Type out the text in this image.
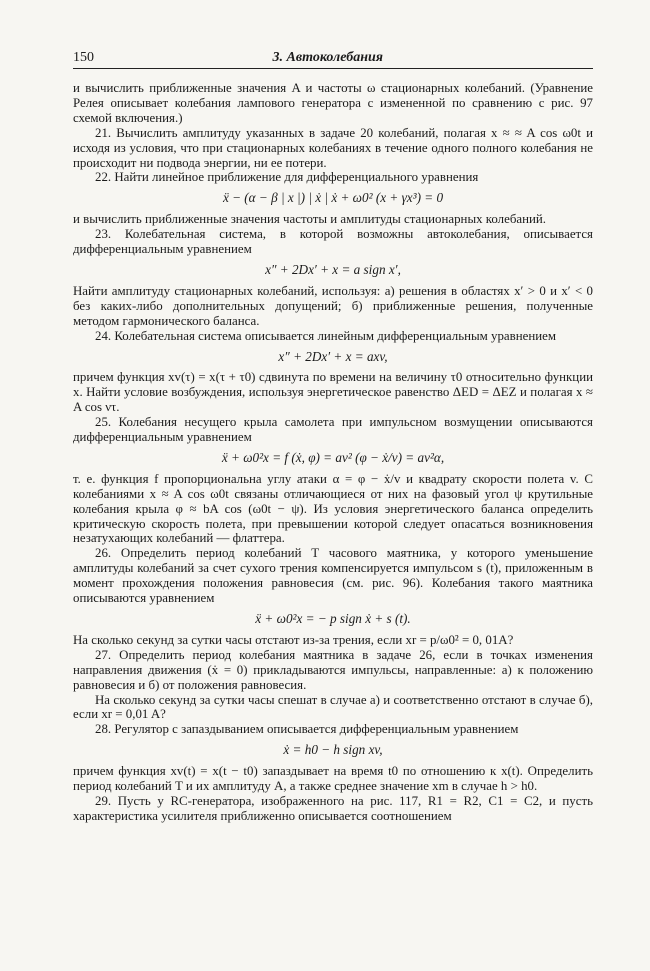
150	3. Автоколебания
и вычислить приближенные значения A и частоты ω стационарных колебаний. (Уравнение Релея описывает колебания лампового генератора с измененной по сравнению с рис. 97 схемой включения.)
21. Вычислить амплитуду указанных в задаче 20 колебаний, полагая x ≈ ≈ A cos ω0t и исходя из условия, что при стационарных колебаниях в течение одного полного колебания не происходит ни подвода энергии, ни ее потери.
22. Найти линейное приближение для дифференциального уравнения
ẍ − (α − β | x |) | ẋ | ẋ + ω0² (x + γx³) = 0
и вычислить приближенные значения частоты и амплитуды стационарных колебаний.
23. Колебательная система, в которой возможны автоколебания, описывается дифференциальным уравнением
x″ + 2Dx′ + x = a sign x′,
Найти амплитуду стационарных колебаний, используя: а) решения в областях x′ > 0 и x′ < 0 без каких-либо дополнительных допущений; б) приближенные решения, полученные методом гармонического баланса.
24. Колебательная система описывается линейным дифференциальным уравнением
x″ + 2Dx′ + x = axv,
причем функция xv(τ) = x(τ + τ0) сдвинута по времени на величину τ0 относительно функции x. Найти условие возбуждения, используя энергетическое равенство ΔED = ΔEZ и полагая x ≈ A cos ντ.
25. Колебания несущего крыла самолета при импульсном возмущении описываются дифференциальным уравнением
ẍ + ω0²x = f (ẋ, φ) = av² (φ − ẋ/v) = av²α,
т. е. функция f пропорциональна углу атаки α = φ − ẋ/v и квадрату скорости полета v. С колебаниями x ≈ A cos ω0t связаны отличающиеся от них на фазовый угол ψ крутильные колебания крыла φ ≈ bA cos (ω0t − ψ). Из условия энергетического баланса определить критическую скорость полета, при превышении которой следует опасаться возникновения незатухающих колебаний — флаттера.
26. Определить период колебаний T часового маятника, у которого уменьшение амплитуды колебаний за счет сухого трения компенсируется импульсом s (t), приложенным в момент прохождения положения равновесия (см. рис. 96). Колебания такого маятника описываются уравнением
ẍ + ω0²x = − p sign ẋ + s (t).
На сколько секунд за сутки часы отстают из-за трения, если xr = p/ω0² = 0, 01A?
27. Определить период колебания маятника в задаче 26, если в точках изменения направления движения (ẋ = 0) прикладываются импульсы, направленные: а) к положению равновесия и б) от положения равновесия.
На сколько секунд за сутки часы спешат в случае а) и соответственно отстают в случае б), если xr = 0,01 A?
28. Регулятор с запаздыванием описывается дифференциальным уравнением
ẋ = h0 − h sign xv,
причем функция xv(t) = x(t − t0) запаздывает на время t0 по отношению к x(t). Определить период колебаний T и их амплитуду A, а также среднее значение xm в случае h > h0.
29. Пусть у RC-генератора, изображенного на рис. 117, R1 = R2, C1 = C2, и пусть характеристика усилителя приближенно описывается соотношением
